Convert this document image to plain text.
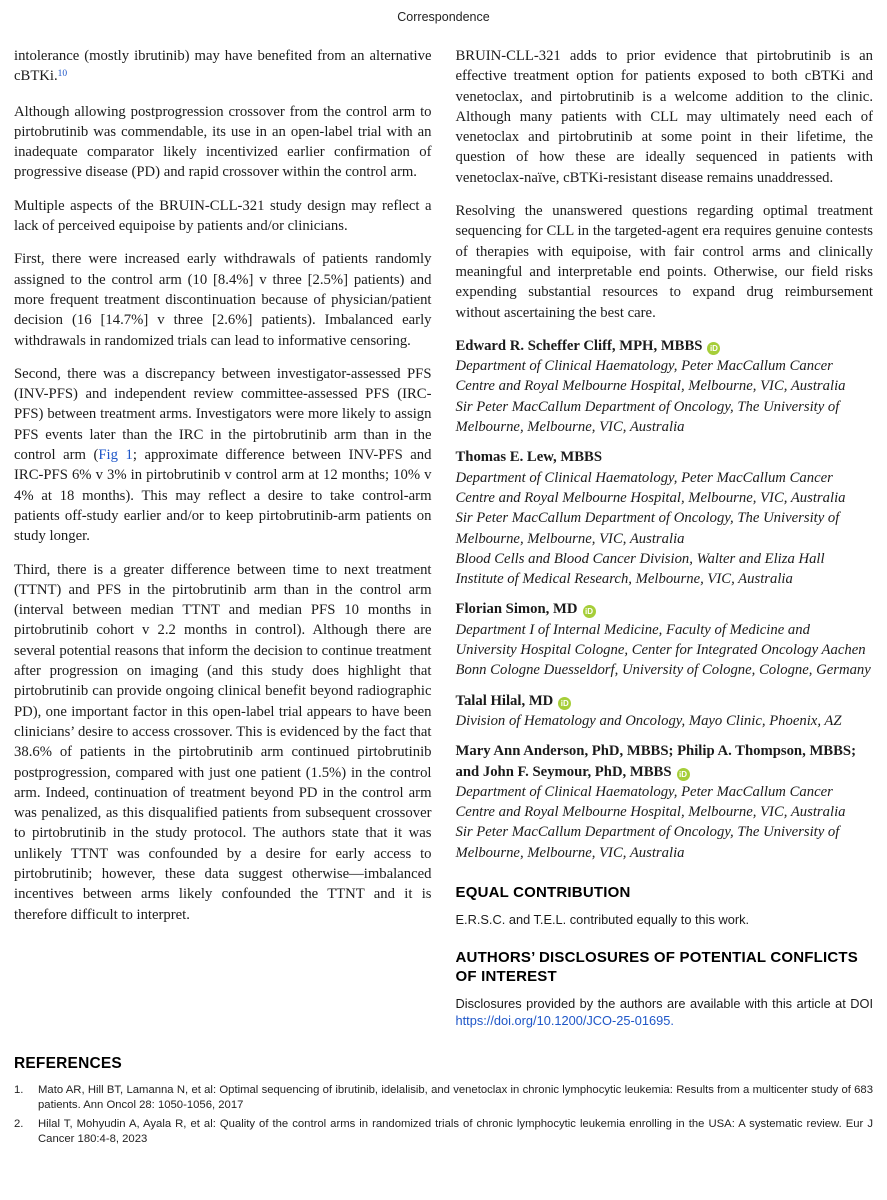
Correspondence

intolerance (mostly ibrutinib) may have benefited from an alternative cBTKi.$^{10}$

Although allowing postprogression crossover from the control arm to pirtobrutinib was commendable, its use in an open-label trial with an inadequate comparator likely incentivized earlier confirmation of progressive disease (PD) and rapid crossover within the control arm.

Multiple aspects of the BRUIN-CLL-321 study design may reflect a lack of perceived equipoise by patients and/or clinicians.

First, there were increased early withdrawals of patients randomly assigned to the control arm (10 [8.4%] v three [2.5%] patients) and more frequent treatment discontinuation because of physician/patient decision (16 [14.7%] v three [2.6%] patients). Imbalanced early withdrawals in randomized trials can lead to informative censoring.

Second, there was a discrepancy between investigator-assessed PFS (INV-PFS) and independent review committee-assessed PFS (IRC-PFS) between treatment arms. Investigators were more likely to assign PFS events later than the IRC in the pirtobrutinib arm than in the control arm (Fig 1; approximate difference between INV-PFS and IRC-PFS 6% v 3% in pirtobrutinib v control arm at 12 months; 10% v 4% at 18 months). This may reflect a desire to take control-arm patients off-study earlier and/or to keep pirtobrutinib-arm patients on study longer.

Third, there is a greater difference between time to next treatment (TTNT) and PFS in the pirtobrutinib arm than in the control arm (interval between median TTNT and median PFS 10 months in pirtobrutinib cohort v 2.2 months in control). Although there are several potential reasons that inform the decision to continue treatment after progression on imaging (and this study does highlight that pirtobrutinib can provide ongoing clinical benefit beyond radiographic PD), one important factor in this open-label trial appears to have been clinicians’ desire to access crossover. This is evidenced by the fact that 38.6% of patients in the pirtobrutinib arm continued pirtobrutinib postprogression, compared with just one patient (1.5%) in the control arm. Indeed, continuation of treatment beyond PD in the control arm was penalized, as this disqualified patients from subsequent crossover to pirtobrutinib in the study protocol. The authors state that it was unlikely TTNT was confounded by a desire for early access to pirtobrutinib; however, these data suggest otherwise—imbalanced incentives between arms likely confounded the TTNT and it is therefore difficult to interpret.

BRUIN-CLL-321 adds to prior evidence that pirtobrutinib is an effective treatment option for patients exposed to both cBTKi and venetoclax, and pirtobrutinib is a welcome addition to the clinic. Although many patients with CLL may ultimately need each of venetoclax and pirtobrutinib at some point in their lifetime, the question of how these are ideally sequenced in patients with venetoclax-naïve, cBTKi-resistant disease remains unaddressed.

Resolving the unanswered questions regarding optimal treatment sequencing for CLL in the targeted-agent era requires genuine contests of therapies with equipoise, with fair control arms and clinically meaningful and interpretable end points. Otherwise, our field risks expending substantial resources to expand drug reimbursement without ascertaining the best care.

Edward R. Scheffer Cliff, MPH, MBBS iD
Department of Clinical Haematology, Peter MacCallum Cancer Centre and Royal Melbourne Hospital, Melbourne, VIC, Australia
Sir Peter MacCallum Department of Oncology, The University of Melbourne, Melbourne, VIC, Australia
Thomas E. Lew, MBBS
Department of Clinical Haematology, Peter MacCallum Cancer Centre and Royal Melbourne Hospital, Melbourne, VIC, Australia
Sir Peter MacCallum Department of Oncology, The University of Melbourne, Melbourne, VIC, Australia
Blood Cells and Blood Cancer Division, Walter and Eliza Hall Institute of Medical Research, Melbourne, VIC, Australia
Florian Simon, MD iD
Department I of Internal Medicine, Faculty of Medicine and University Hospital Cologne, Center for Integrated Oncology Aachen Bonn Cologne Duesseldorf, University of Cologne, Cologne, Germany
Talal Hilal, MD iD
Division of Hematology and Oncology, Mayo Clinic, Phoenix, AZ
Mary Ann Anderson, PhD, MBBS; Philip A. Thompson, MBBS; and John F. Seymour, PhD, MBBS iD
Department of Clinical Haematology, Peter MacCallum Cancer Centre and Royal Melbourne Hospital, Melbourne, VIC, Australia
Sir Peter MacCallum Department of Oncology, The University of Melbourne, Melbourne, VIC, Australia
EQUAL CONTRIBUTION

E.R.S.C. and T.E.L. contributed equally to this work.

AUTHORS’ DISCLOSURES OF POTENTIAL CONFLICTS OF INTEREST

Disclosures provided by the authors are available with this article at DOI https://doi.org/10.1200/JCO-25-01695.

REFERENCES
1.	Mato AR, Hill BT, Lamanna N, et al: Optimal sequencing of ibrutinib, idelalisib, and venetoclax in chronic lymphocytic leukemia: Results from a multicenter study of 683 patients. Ann Oncol 28: 1050-1056, 2017
2.	Hilal T, Mohyudin A, Ayala R, et al: Quality of the control arms in randomized trials of chronic lymphocytic leukemia enrolling in the USA: A systematic review. Eur J Cancer 180:4-8, 2023
